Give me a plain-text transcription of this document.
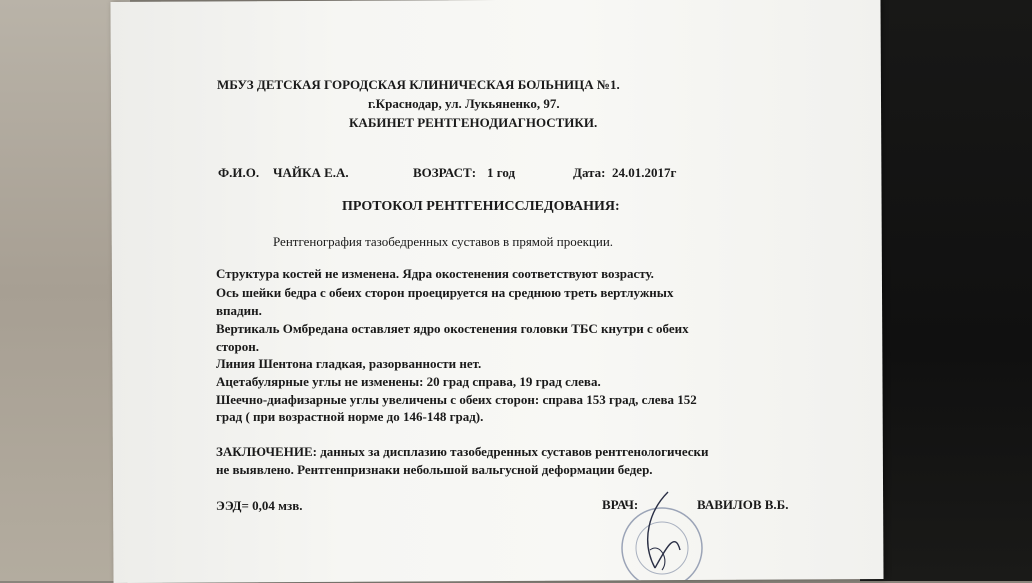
МБУЗ ДЕТСКАЯ ГОРОДСКАЯ КЛИНИЧЕСКАЯ БОЛЬНИЦА №1.
г.Краснодар, ул. Лукьяненко, 97.
КАБИНЕТ РЕНТГЕНОДИАГНОСТИКИ.
Ф.И.О. ЧАЙКА Е.А.	ВОЗРАСТ: 1 год	Дата: 24.01.2017г
ПРОТОКОЛ РЕНТГЕНИССЛЕДОВАНИЯ:
Рентгенография тазобедренных суставов в прямой проекции.
Структура костей не изменена. Ядра окостенения соответствуют возрасту.
Ось шейки бедра с обеих сторон проецируется на среднюю треть вертлужных
впадин.
Вертикаль Омбредана оставляет ядро окостенения головки ТБС кнутри с обеих
сторон.
Линия Шентона гладкая, разорванности нет.
Ацетабулярные углы не изменены: 20 град справа, 19 град слева.
Шеечно-диафизарные углы увеличены с обеих сторон: справа 153 град, слева 152
град ( при возрастной норме до 146-148 град).
ЗАКЛЮЧЕНИЕ: данных за дисплазию тазобедренных суставов рентгенологически
не выявлено. Рентгенпризнаки небольшой вальгусной деформации бедер.
ЭЭД= 0,04 мзв.	ВРАЧ:	ВАВИЛОВ В.Б.
